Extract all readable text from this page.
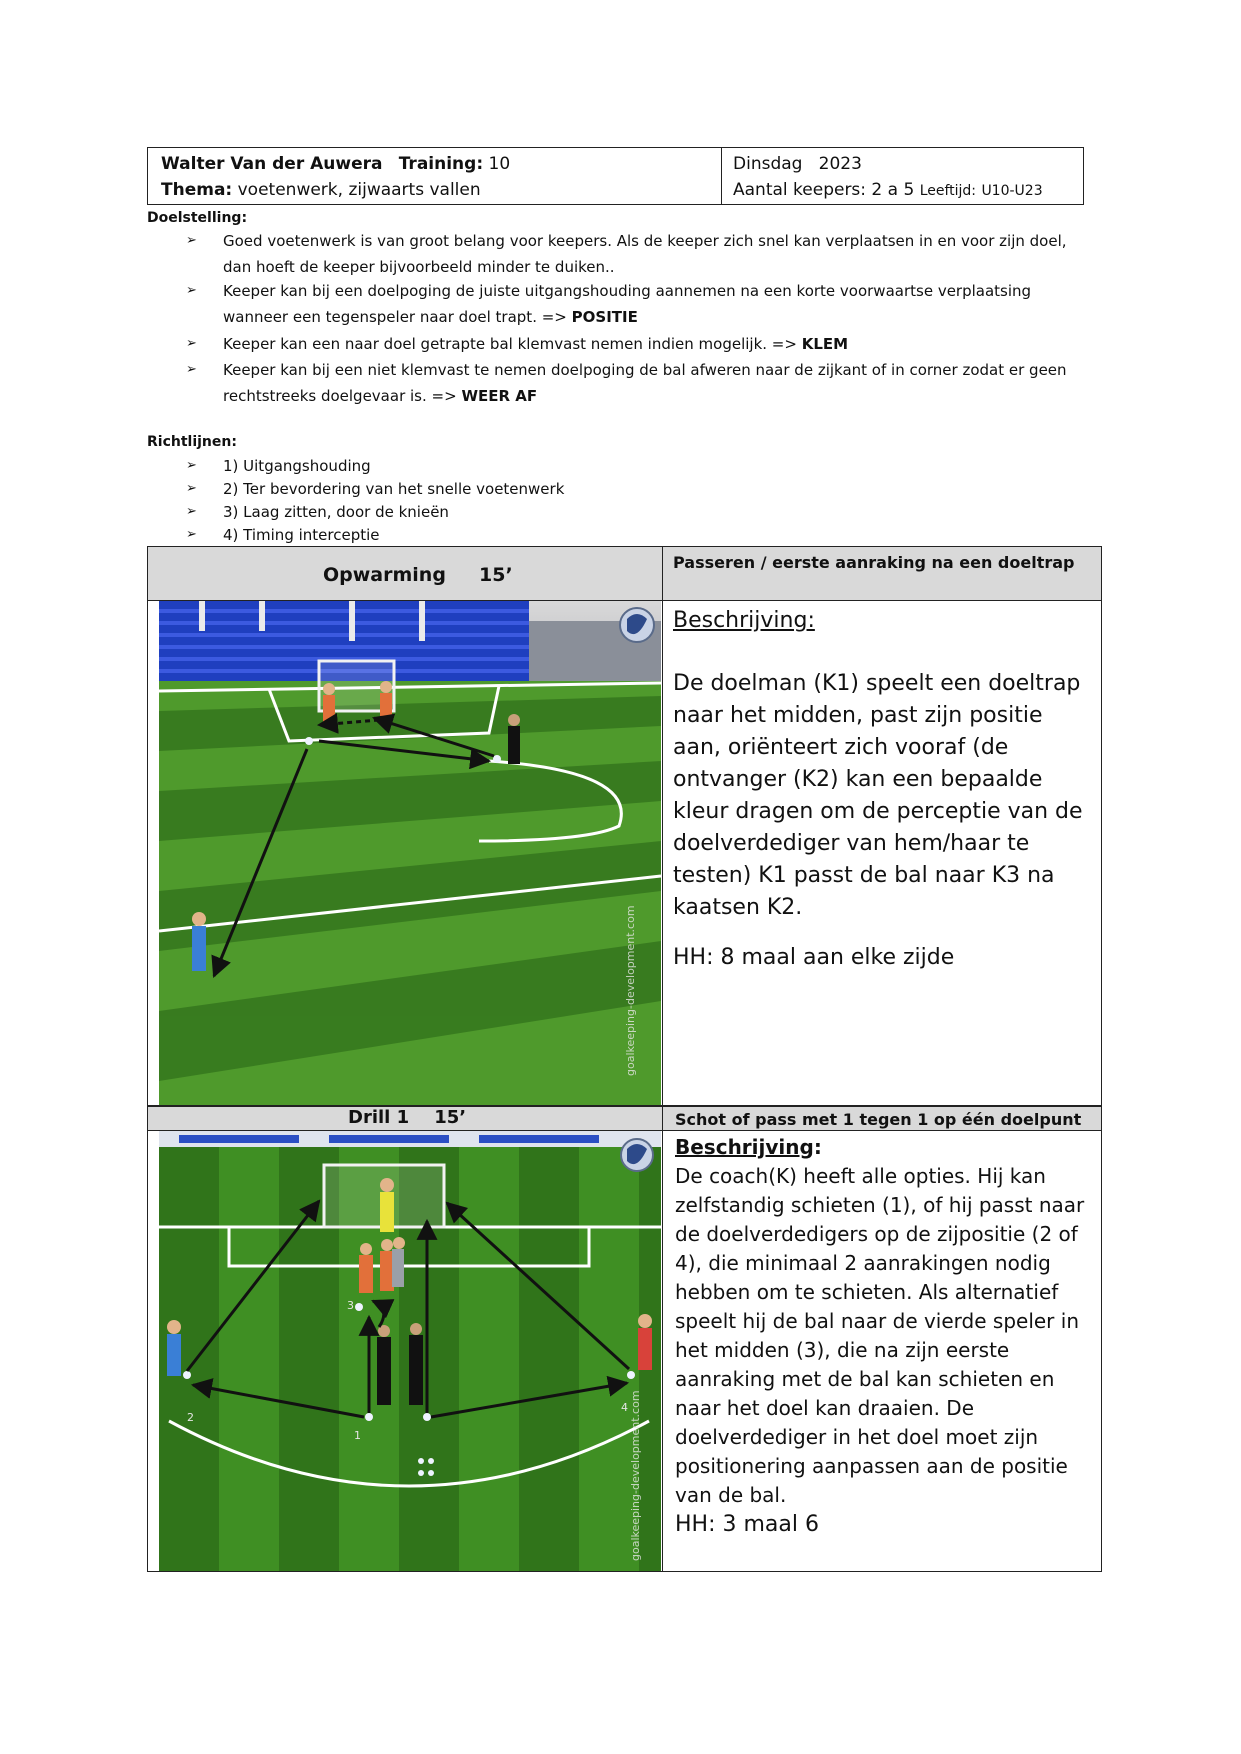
Walter Van der Auwera Training: 10
Thema: voetenwerk, zijwaarts vallen
Dinsdag 2023
Aantal keepers: 2 a 5 Leeftijd: U10-U23
Doelstelling:
➢ Goed voetenwerk is van groot belang voor keepers. Als de keeper zich snel kan verplaatsen in en voor zijn doel,
dan hoeft de keeper bijvoorbeeld minder te duiken..
➢ Keeper kan bij een doelpoging de juiste uitgangshouding aannemen na een korte voorwaartse verplaatsing
wanneer een tegenspeler naar doel trapt. => POSITIE
➢ Keeper kan een naar doel getrapte bal klemvast nemen indien mogelijk. => KLEM
➢ Keeper kan bij een niet klemvast te nemen doelpoging de bal afweren naar de zijkant of in corner zodat er geen
rechtstreeks doelgevaar is. => WEER AF
Richtlijnen:
➢ 1) Uitgangshouding
➢ 2) Ter bevordering van het snelle voetenwerk
➢ 3) Laag zitten, door de knieën
➢ 4) Timing interceptie
Opwarming 15’
Passeren / eerste aanraking na een doeltrap
goalkeeping-development.com
Beschrijving:
De doelman (K1) speelt een doeltrap naar het midden, past zijn positie aan, oriënteert zich vooraf (de ontvanger (K2) kan een bepaalde kleur dragen om de perceptie van de doelverdediger van hem/haar te testen) K1 passt de bal naar K3 na kaatsen K2.
HH: 8 maal aan elke zijde
Drill 1 15’	Schot of pass met 1 tegen 1 op één doelpunt
1
2
3
4 goalkeeping-development.com
Beschrijving:
De coach(K) heeft alle opties. Hij kan zelfstandig schieten (1), of hij passt naar de doelverdedigers op de zijpositie (2 of 4), die minimaal 2 aanrakingen nodig hebben om te schieten. Als alternatief speelt hij de bal naar de vierde speler in het midden (3), die na zijn eerste aanraking met de bal kan schieten en naar het doel kan draaien. De doelverdediger in het doel moet zijn positionering aanpassen aan de positie van de bal.
HH: 3 maal 6
